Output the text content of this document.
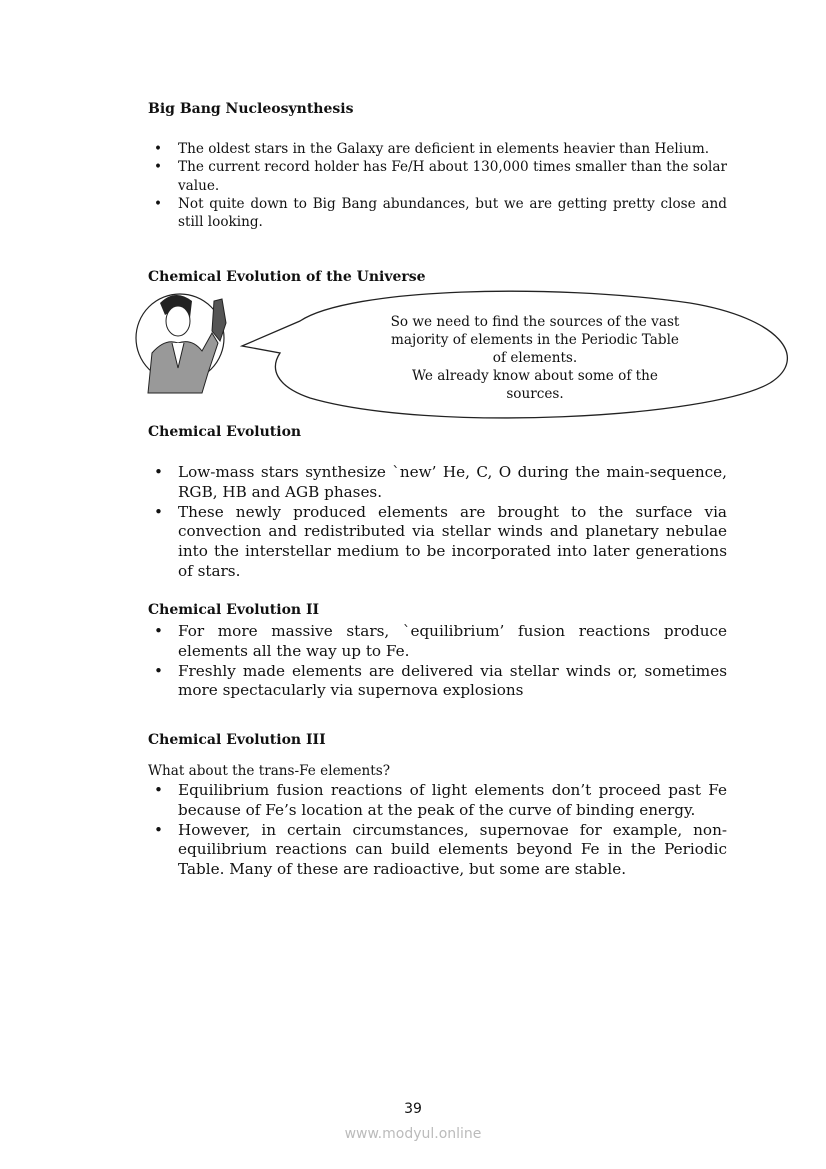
Big Bang Nucleosynthesis
• The oldest stars in the Galaxy are deficient in elements heavier than Helium.
• The current record holder has Fe/H about 130,000 times smaller than the solar value.
• Not quite down to Big Bang abundances, but we are getting pretty close and still looking.
Chemical Evolution of the Universe
So we need to find the sources of the vast
majority of elements in the Periodic Table
of elements.
We already know about some of the
sources.
Chemical Evolution
• Low-mass stars synthesize `new’ He, C, O during the main-sequence, RGB, HB and AGB phases.
• These newly produced elements are brought to the surface via convection and redistributed via stellar winds and planetary nebulae into the interstellar medium to be incorporated into later generations of stars.
Chemical Evolution II
• For more massive stars, `equilibrium’ fusion reactions produce elements all the way up to Fe.
• Freshly made elements are delivered via stellar winds or, sometimes more spectacularly via supernova explosions
Chemical Evolution III

What about the trans-Fe elements?

• Equilibrium fusion reactions of light elements don’t proceed past Fe because of Fe’s location at the peak of the curve of binding energy.
• However, in certain circumstances, supernovae for example, non-equilibrium reactions can build elements beyond Fe in the Periodic Table. Many of these are radioactive, but some are stable.
39
www.modyul.online
